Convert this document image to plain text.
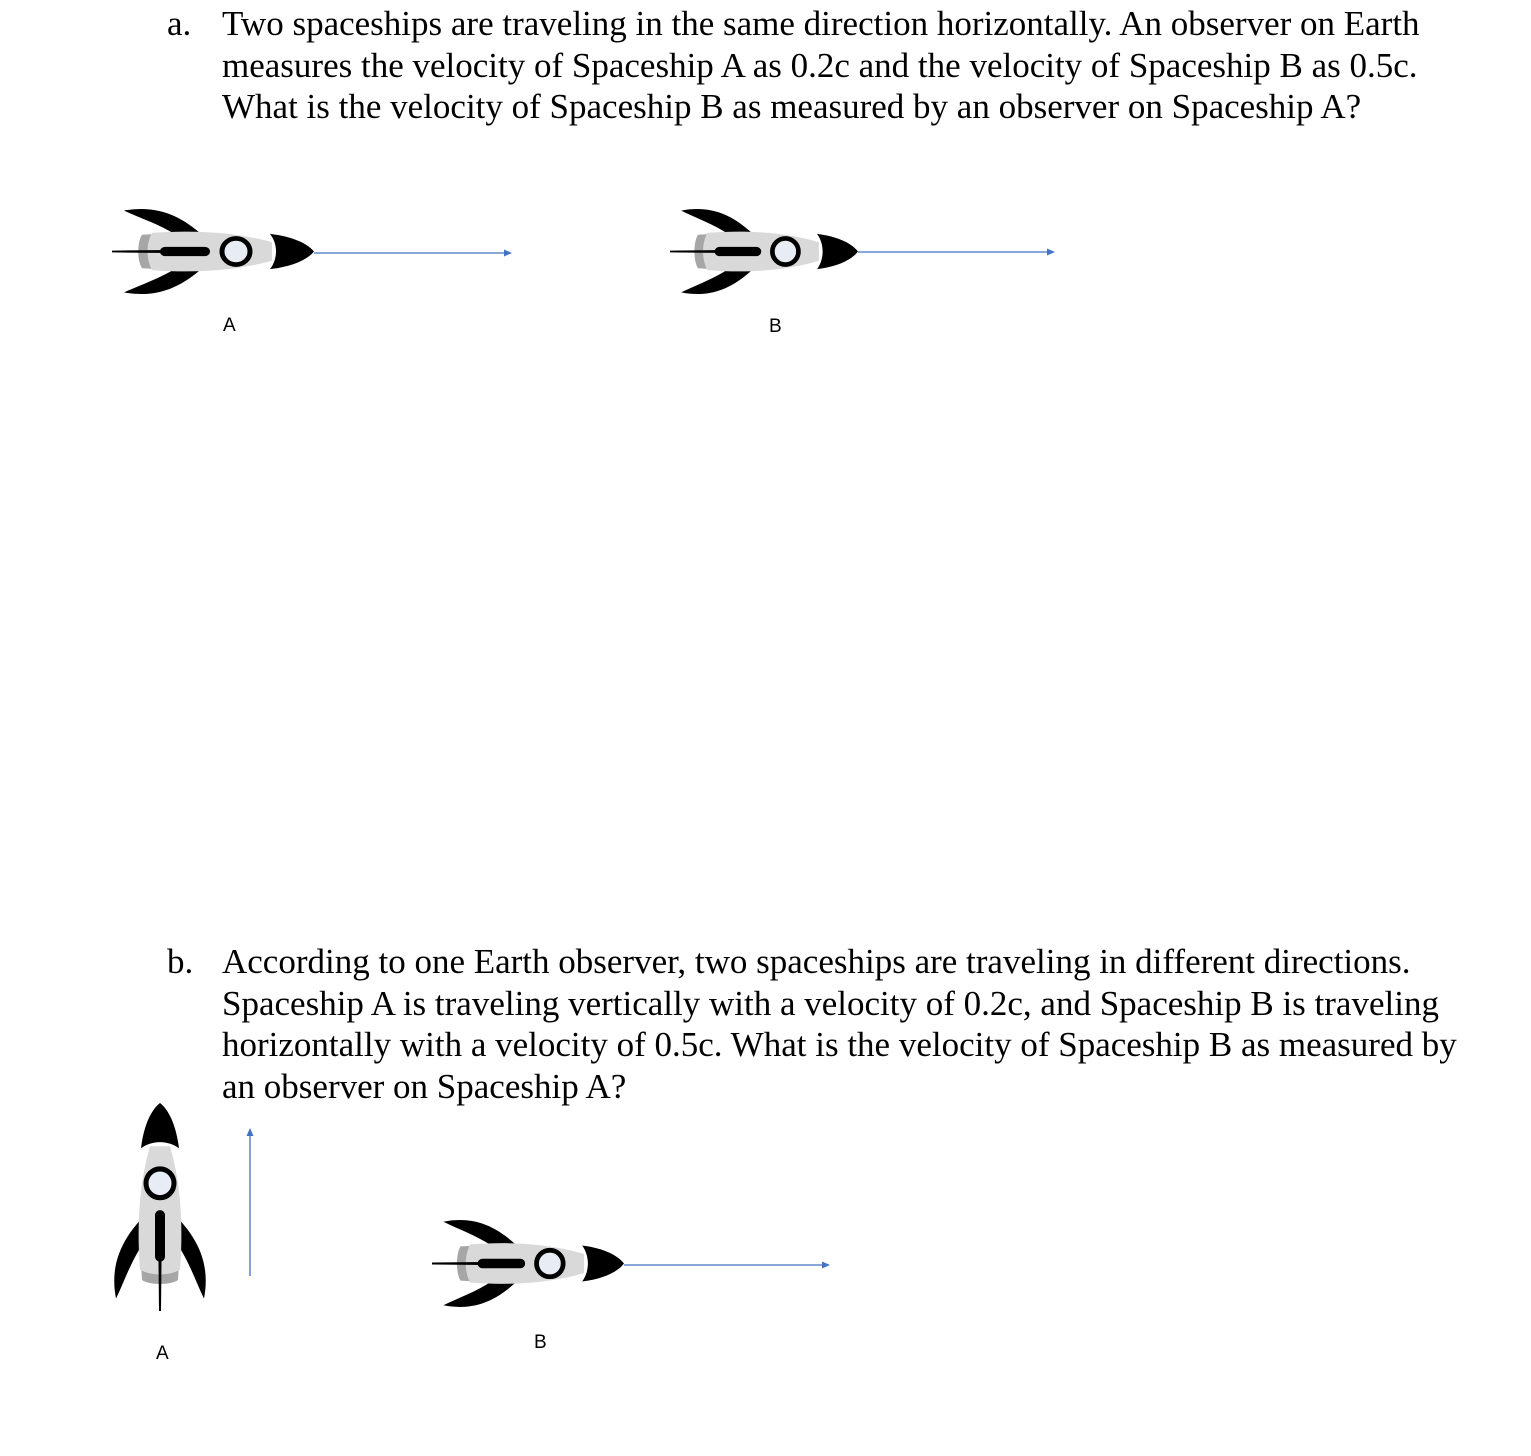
a. Two spaceships are traveling in the same direction horizontally. An observer on Earth
measures the velocity of Spaceship A as 0.2c and the velocity of Spaceship B as 0.5c.
What is the velocity of Spaceship B as measured by an observer on Spaceship A?
A	B
b. According to one Earth observer, two spaceships are traveling in different directions.
Spaceship A is traveling vertically with a velocity of 0.2c, and Spaceship B is traveling
horizontally with a velocity of 0.5c. What is the velocity of Spaceship B as measured by
an observer on Spaceship A?
A
B
